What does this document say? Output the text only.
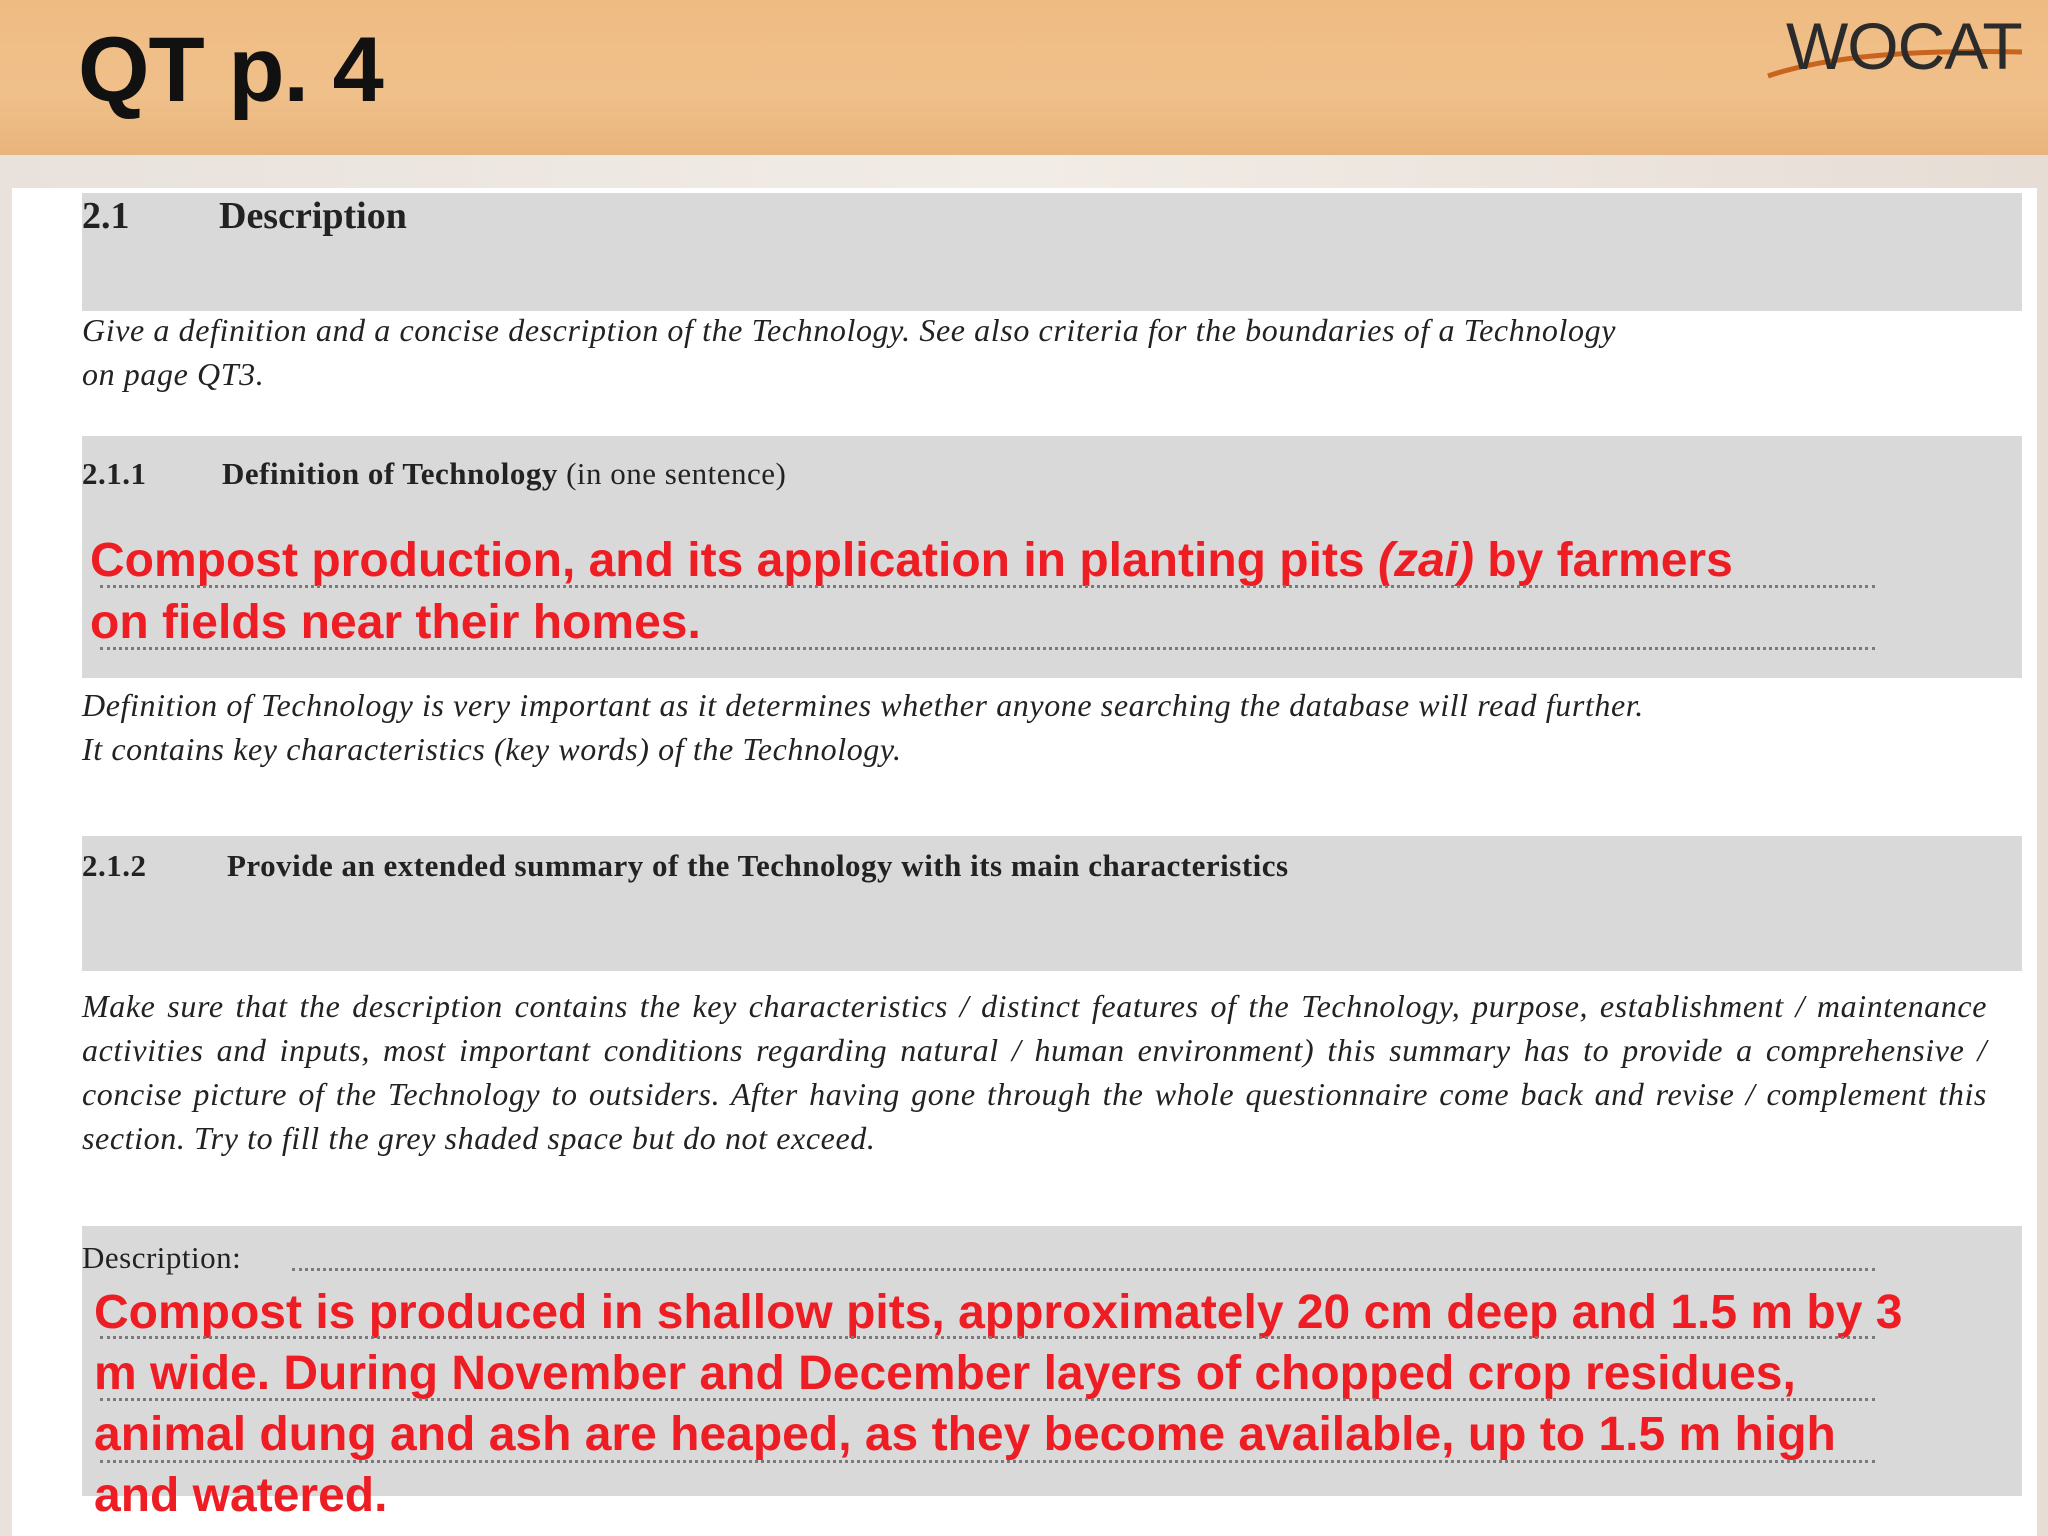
QT p. 4	WOCAT
2.1 Description
Give a definition and a concise description of the Technology. See also criteria for the boundaries of a Technology
on page QT3.
2.1.1 Definition of Technology (in one sentence)
Compost production, and its application in planting pits (zai) by farmers
on fields near their homes.
Definition of Technology is very important as it determines whether anyone searching the database will read further.
It contains key characteristics (key words) of the Technology.
2.1.2	Provide an extended summary of the Technology with its main characteristics
Make sure that the description contains the key characteristics / distinct features of the Technology, purpose, establishment / maintenance activities and inputs, most important conditions regarding natural / human environment) this summary has to provide a comprehensive / concise picture of the Technology to outsiders. After having gone through the whole questionnaire come back and revise / complement this section. Try to fill the grey shaded space but do not exceed.
Description:
Compost is produced in shallow pits, approximately 20 cm deep and 1.5 m by 3
m wide. During November and December layers of chopped crop residues,
animal dung and ash are heaped, as they become available, up to 1.5 m high
and watered.
